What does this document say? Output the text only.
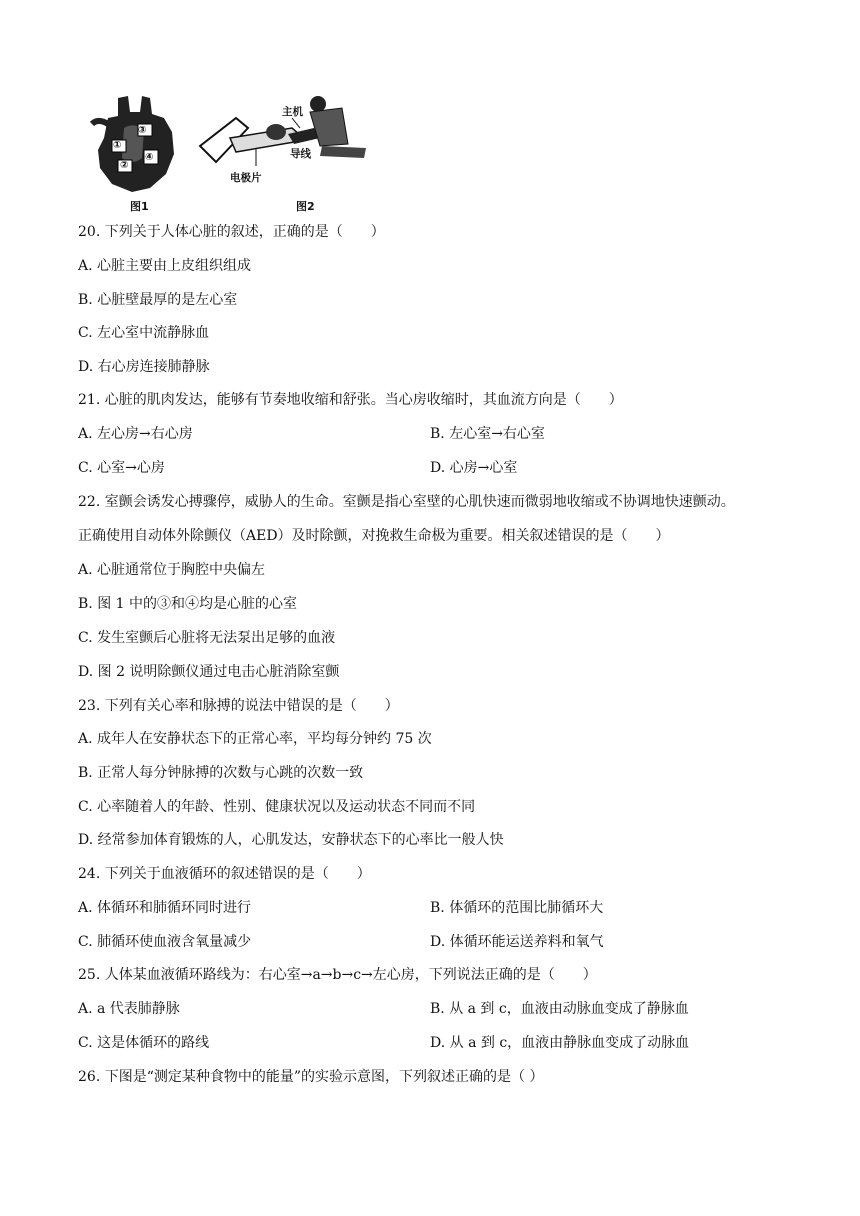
③
④
①
②
图1
主机
导线
电极片
图2
20. 下列关于人体心脏的叙述，正确的是（　　）
A. 心脏主要由上皮组织组成
B. 心脏壁最厚的是左心室
C. 左心室中流静脉血
D. 右心房连接肺静脉
21. 心脏的肌肉发达，能够有节奏地收缩和舒张。当心房收缩时，其血流方向是（　　）
A. 左心房→右心房	B. 左心室→右心室
C. 心室→心房	D. 心房→心室
22. 室颤会诱发心搏骤停，威胁人的生命。室颤是指心室壁的心肌快速而微弱地收缩或不协调地快速颤动。
正确使用自动体外除颤仪（AED）及时除颤，对挽救生命极为重要。相关叙述错误的是（　　）
A. 心脏通常位于胸腔中央偏左
B. 图 1 中的③和④均是心脏的心室
C. 发生室颤后心脏将无法泵出足够的血液
D. 图 2 说明除颤仪通过电击心脏消除室颤
23. 下列有关心率和脉搏的说法中错误的是（　　）
A. 成年人在安静状态下的正常心率，平均每分钟约 75 次
B. 正常人每分钟脉搏的次数与心跳的次数一致
C. 心率随着人的年龄、性别、健康状况以及运动状态不同而不同
D. 经常参加体育锻炼的人，心肌发达，安静状态下的心率比一般人快
24. 下列关于血液循环的叙述错误的是（　　）
A. 体循环和肺循环同时进行	B. 体循环的范围比肺循环大
C. 肺循环使血液含氧量减少	D. 体循环能运送养料和氧气
25. 人体某血液循环路线为：右心室→a→b→c→左心房，下列说法正确的是（　　）
A. a 代表肺静脉	B. 从 a 到 c，血液由动脉血变成了静脉血
C. 这是体循环的路线	D. 从 a 到 c，血液由静脉血变成了动脉血
26. 下图是“测定某种食物中的能量”的实验示意图，下列叙述正确的是（ ）
